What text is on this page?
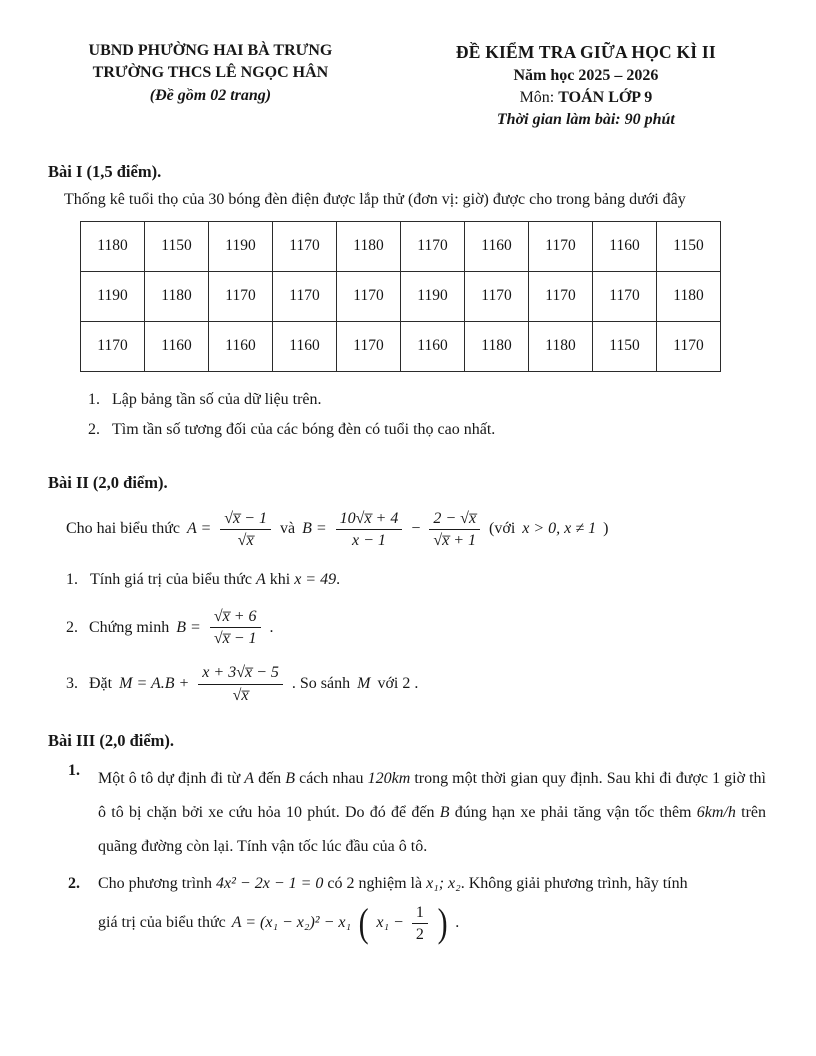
UBND PHƯỜNG HAI BÀ TRƯNG
TRƯỜNG THCS LÊ NGỌC HÂN
(Đề gồm 02 trang)
ĐỀ KIỂM TRA GIỮA HỌC KÌ II
Năm học 2025 – 2026
Môn: TOÁN LỚP 9
Thời gian làm bài: 90 phút
Bài I (1,5 điểm).
Thống kê tuổi thọ của 30 bóng đèn điện được lắp thử (đơn vị: giờ) được cho trong bảng dưới đây
1180	1150	1190	1170	1180	1170	1160	1170	1160	1150
1190	1180	1170	1170	1170	1190	1170	1170	1170	1180
1170	1160	1160	1160	1170	1160	1180	1180	1150	1170
1. Lập bảng tần số của dữ liệu trên.
2. Tìm tần số tương đối của các bóng đèn có tuổi thọ cao nhất.
Bài II (2,0 điểm).
Cho hai biểu thức $A = \frac{√x̅ - 1}{√x̅}$ và $B = \frac{10√x̅ + 4}{x - 1} - \frac{2 - √x̅}{√x̅ + 1}$ (với x > 0, x ≠ 1 )
1. Tính giá trị của biểu thức A khi x = 49.
2. Chứng minh $B = \frac{√x̅ + 6}{√x̅ - 1}$ .
3. Đặt $M = A.B + \frac{x + 3√x̅ - 5}{√x̅}$ . So sánh M với 2 .
Bài III (2,0 điểm).
1.	Một ô tô dự định đi từ A đến B cách nhau 120km trong một thời gian quy định. Sau khi đi được 1 giờ thì ô tô bị chặn bởi xe cứu hỏa 10 phút. Do đó để đến B đúng hạn xe phải tăng vận tốc thêm 6km/h trên quãng đường còn lại. Tính vận tốc lúc đầu của ô tô.
2.	Cho phương trình 4x² − 2x − 1 = 0 có 2 nghiệm là x₁; x₂. Không giải phương trình, hãy tính
giá trị của biểu thức A = (x₁ − x₂)² − x₁ ( $x_1 - \frac{1}{2}$ ) .
